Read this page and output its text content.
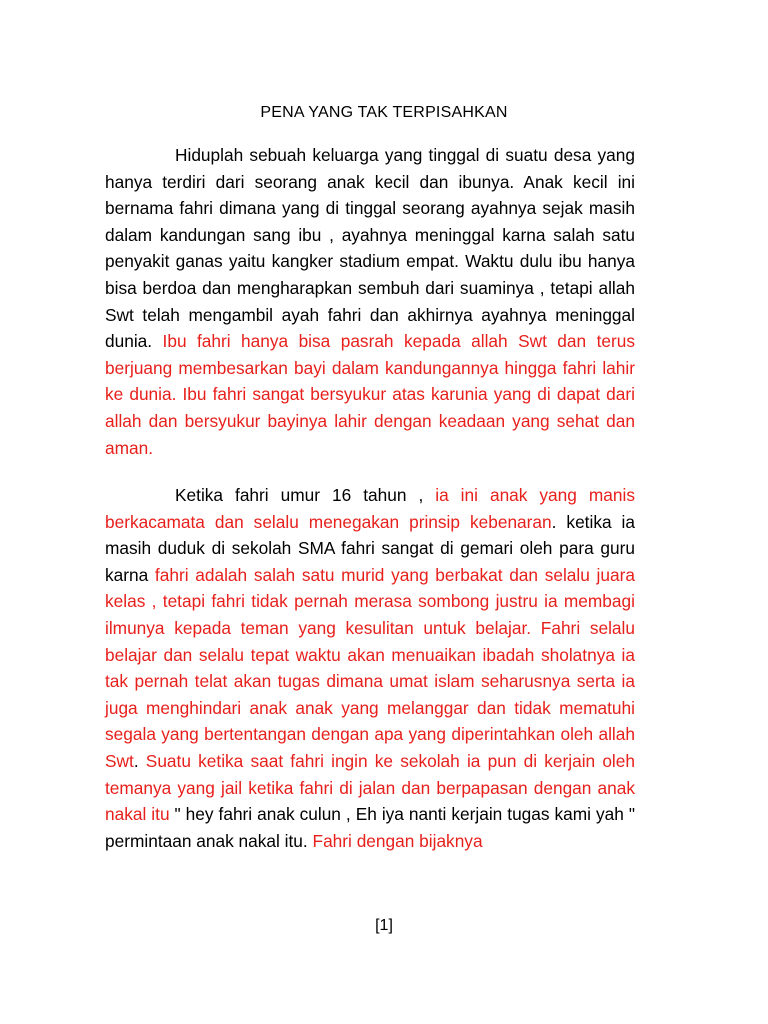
PENA YANG TAK TERPISAHKAN

Hiduplah sebuah keluarga yang tinggal di suatu desa yang hanya terdiri dari seorang anak kecil dan ibunya. Anak kecil ini bernama fahri dimana yang di tinggal seorang ayahnya sejak masih dalam kandungan sang ibu , ayahnya meninggal karna salah satu penyakit ganas yaitu kangker stadium empat. Waktu dulu ibu hanya bisa berdoa dan mengharapkan sembuh dari suaminya , tetapi allah Swt telah mengambil ayah fahri dan akhirnya ayahnya meninggal dunia. Ibu fahri hanya bisa pasrah kepada allah Swt dan terus berjuang membesarkan bayi dalam kandungannya hingga fahri lahir ke dunia. Ibu fahri sangat bersyukur atas karunia yang di dapat dari allah dan bersyukur bayinya lahir dengan keadaan yang sehat dan aman.

Ketika fahri umur 16 tahun , ia ini anak yang manis berkacamata dan selalu menegakan prinsip kebenaran. ketika ia masih duduk di sekolah SMA fahri sangat di gemari oleh para guru karna fahri adalah salah satu murid yang berbakat dan selalu juara kelas , tetapi fahri tidak pernah merasa sombong justru ia membagi ilmunya kepada teman yang kesulitan untuk belajar. Fahri selalu belajar dan selalu tepat waktu akan menuaikan ibadah sholatnya ia tak pernah telat akan tugas dimana umat islam seharusnya serta ia juga menghindari anak anak yang melanggar dan tidak mematuhi segala yang bertentangan dengan apa yang diperintahkan oleh allah Swt. Suatu ketika saat fahri ingin ke sekolah ia pun di kerjain oleh temanya yang jail ketika fahri di jalan dan berpapasan dengan anak nakal itu " hey fahri anak culun , Eh iya nanti kerjain tugas kami yah " permintaan anak nakal itu. Fahri dengan bijaknya

[1]
